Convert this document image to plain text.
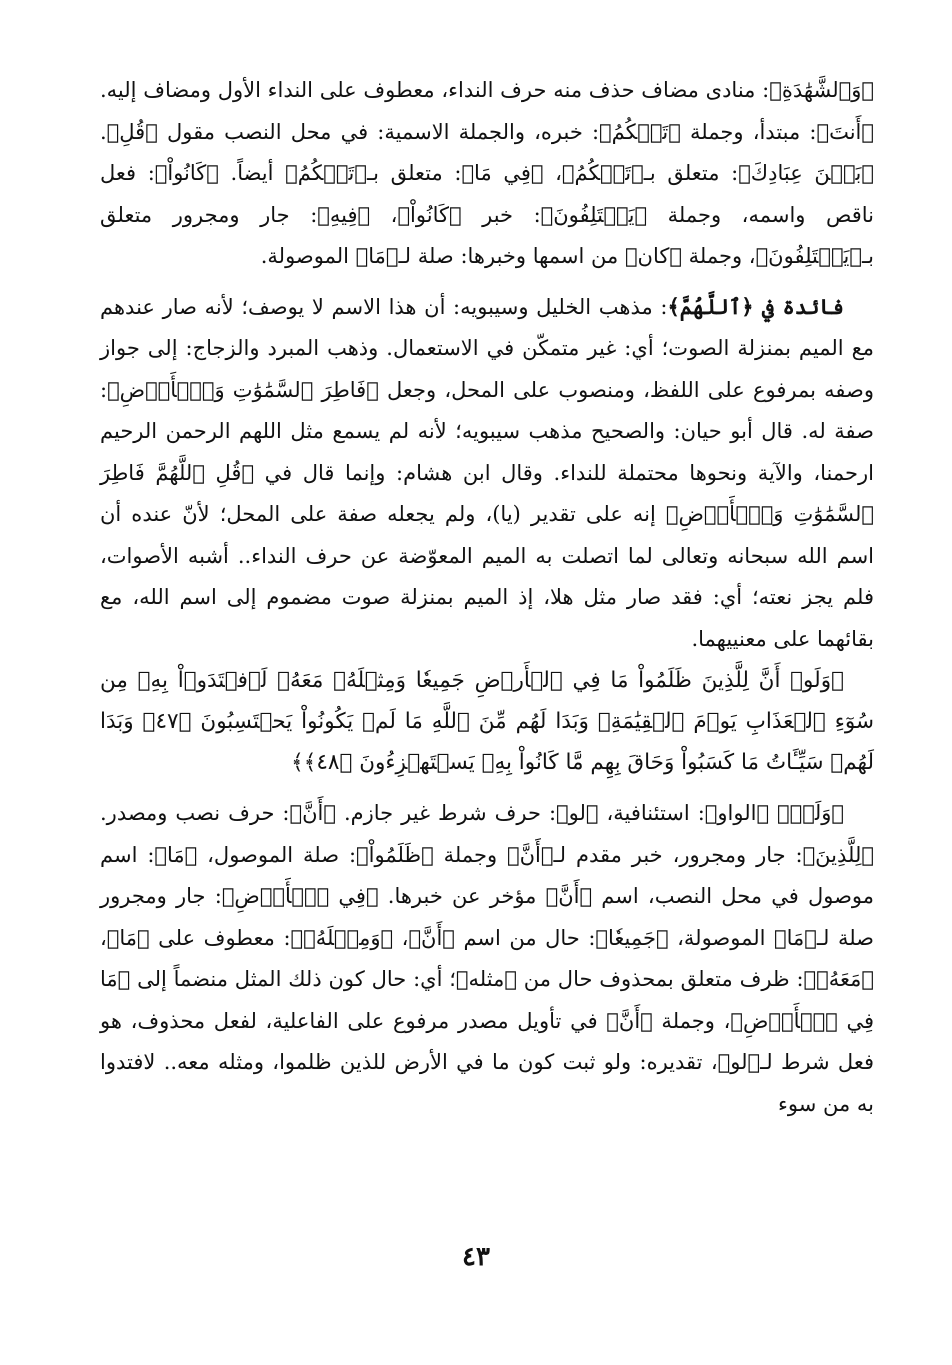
﴿وَٱلشَّهَٰدَةِ﴾: منادى مضاف حذف منه حرف النداء، معطوف على النداء الأول ومضاف إليه. ﴿أَنتَ﴾: مبتدأ، وجملة ﴿تَحۡكُمُ﴾: خبره، والجملة الاسمية: في محل النصب مقول ﴿قُلِ﴾. ﴿بَيۡنَ عِبَادِكَ﴾: متعلق بـ﴿تَحۡكُمُ﴾، ﴿فِي مَا﴾: متعلق بـ﴿تَحۡكُمُ﴾ أيضاً. ﴿كَانُواْ﴾: فعل ناقص واسمه، وجملة ﴿يَخۡتَلِفُونَ﴾: خبر ﴿كَانُواْ﴾، ﴿فِيهِ﴾: جار ومجرور متعلق بـ﴿يَخۡتَلِفُونَ﴾، وجملة ﴿كان﴾ من اسمها وخبرها: صلة لـ﴿مَا﴾ الموصولة.

فائدة في ﴿ٱللَّهُمَّ﴾: مذهب الخليل وسيبويه: أن هذا الاسم لا يوصف؛ لأنه صار عندهم مع الميم بمنزلة الصوت؛ أي: غير متمكّن في الاستعمال. وذهب المبرد والزجاج: إلى جواز وصفه بمرفوع على اللفظ، ومنصوب على المحل، وجعل ﴿فَاطِرَ ٱلسَّمَٰوَٰتِ وَٱلۡأَرۡضِ﴾: صفة له. قال أبو حيان: والصحيح مذهب سيبويه؛ لأنه لم يسمع مثل اللهم الرحمن الرحيم ارحمنا، والآية ونحوها محتملة للنداء. وقال ابن هشام: وإنما قال في ﴿قُلِ ٱللَّهُمَّ فَاطِرَ ٱلسَّمَٰوَٰتِ وَٱلۡأَرۡضِ﴾ إنه على تقدير (يا)، ولم يجعله صفة على المحل؛ لأنّ عنده أن اسم الله سبحانه وتعالى لما اتصلت به الميم المعوّضة عن حرف النداء.. أشبه الأصوات، فلم يجز نعته؛ أي: فقد صار مثل هلا، إذ الميم بمنزلة صوت مضموم إلى اسم الله، مع بقائهما على معنييهما.

﴿وَلَوۡ أَنَّ لِلَّذِينَ ظَلَمُواْ مَا فِي ٱلۡأَرۡضِ جَمِيعٗا وَمِثۡلَهُۥ مَعَهُۥ لَٱفۡتَدَوۡاْ بِهِۦ مِن سُوٓءِ ٱلۡعَذَابِ يَوۡمَ ٱلۡقِيَٰمَةِۚ وَبَدَا لَهُم مِّنَ ٱللَّهِ مَا لَمۡ يَكُونُواْ يَحۡتَسِبُونَ ﴿٤٧﴾ وَبَدَا لَهُمۡ سَيِّـَٔاتُ مَا كَسَبُواْ وَحَاقَ بِهِم مَّا كَانُواْ بِهِۦ يَسۡتَهۡزِءُونَ ﴿٤٨﴾﴾

﴿وَلَوۡ﴾ ﴿الواو﴾: استئنافية، ﴿لو﴾: حرف شرط غير جازم. ﴿أَنَّ﴾: حرف نصب ومصدر. ﴿لِلَّذِينَ﴾: جار ومجرور، خبر مقدم لـ﴿أَنَّ﴾ وجملة ﴿ظَلَمُواْ﴾: صلة الموصول، ﴿مَا﴾: اسم موصول في محل النصب، اسم ﴿أَنَّ﴾ مؤخر عن خبرها. ﴿فِي ٱلۡأَرۡضِ﴾: جار ومجرور صلة لـ﴿مَا﴾ الموصولة، ﴿جَمِيعٗا﴾: حال من اسم ﴿أَنَّ﴾، ﴿وَمِثۡلَهُۥ﴾: معطوف على ﴿مَا﴾، ﴿مَعَهُۥ﴾: ظرف متعلق بمحذوف حال من ﴿مثله﴾؛ أي: حال كون ذلك المثل منضماً إلى ﴿مَا فِي ٱلۡأَرۡضِ﴾، وجملة ﴿أَنَّ﴾ في تأويل مصدر مرفوع على الفاعلية، لفعل محذوف، هو فعل شرط لـ﴿لو﴾، تقديره: ولو ثبت كون ما في الأرض للذين ظلموا، ومثله معه.. لافتدوا به من سوء

٤٣
